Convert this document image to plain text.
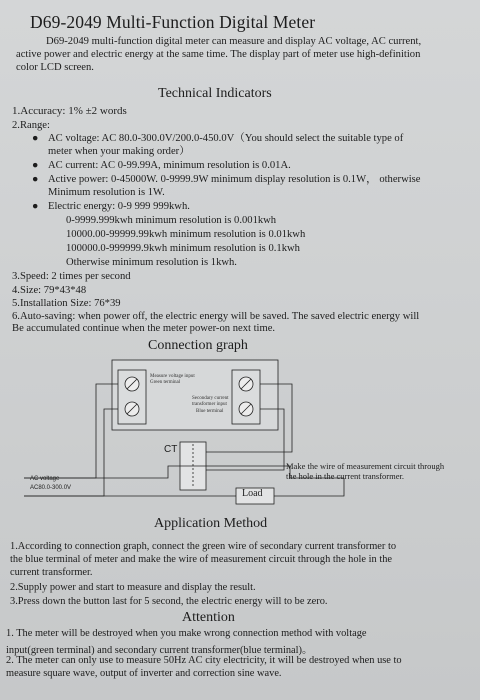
D69-2049 Multi-Function Digital Meter
D69-2049 multi-function digital meter can measure and display AC voltage, AC current,
active power and electric energy at the same time. The display part of meter use high-definition
color LCD screen.
Technical Indicators
1.Accuracy: 1% ±2 words
2.Range:
● AC voltage: AC 80.0-300.0V/200.0-450.0V（You should select the suitable type of
meter when your making order）
● AC current: AC 0-99.99A, minimum resolution is 0.01A.
● Active power: 0-45000W. 0-9999.9W minimum display resolution is 0.1W， otherwise
Minimum resolution is 1W.
● Electric energy: 0-9 999 999kwh.
0-9999.999kwh minimum resolution is 0.001kwh
10000.00-99999.99kwh minimum resolution is 0.01kwh
100000.0-999999.9kwh minimum resolution is 0.1kwh
Otherwise minimum resolution is 1kwh.
3.Speed: 2 times per second
4.Size: 79*43*48
5.Installation Size: 76*39
6.Auto-saving: when power off, the electric energy will be saved. The saved electric energy will
Be accumulated continue when the meter power-on next time.
Connection graph
Measure voltage input
Green terminal
Secondary current
transformer input
Blue terminal
CT
Load
AC voltage
AC80.0-300.0V
Make the wire of measurement circuit through
the hole in the current transformer.
Application Method
1.According to connection graph, connect the green wire of secondary current transformer to
the blue terminal of meter and make the wire of measurement circuit through the hole in the
current transformer.
2.Supply power and start to measure and display the result.
3.Press down the button last for 5 second, the electric energy will to be zero.
Attention
1. The meter will be destroyed when you make wrong connection method with voltage
input(green terminal) and secondary current transformer(blue terminal)。
2. The meter can only use to measure 50Hz AC city electricity, it will be destroyed when use to
measure square wave, output of inverter and correction sine wave.
